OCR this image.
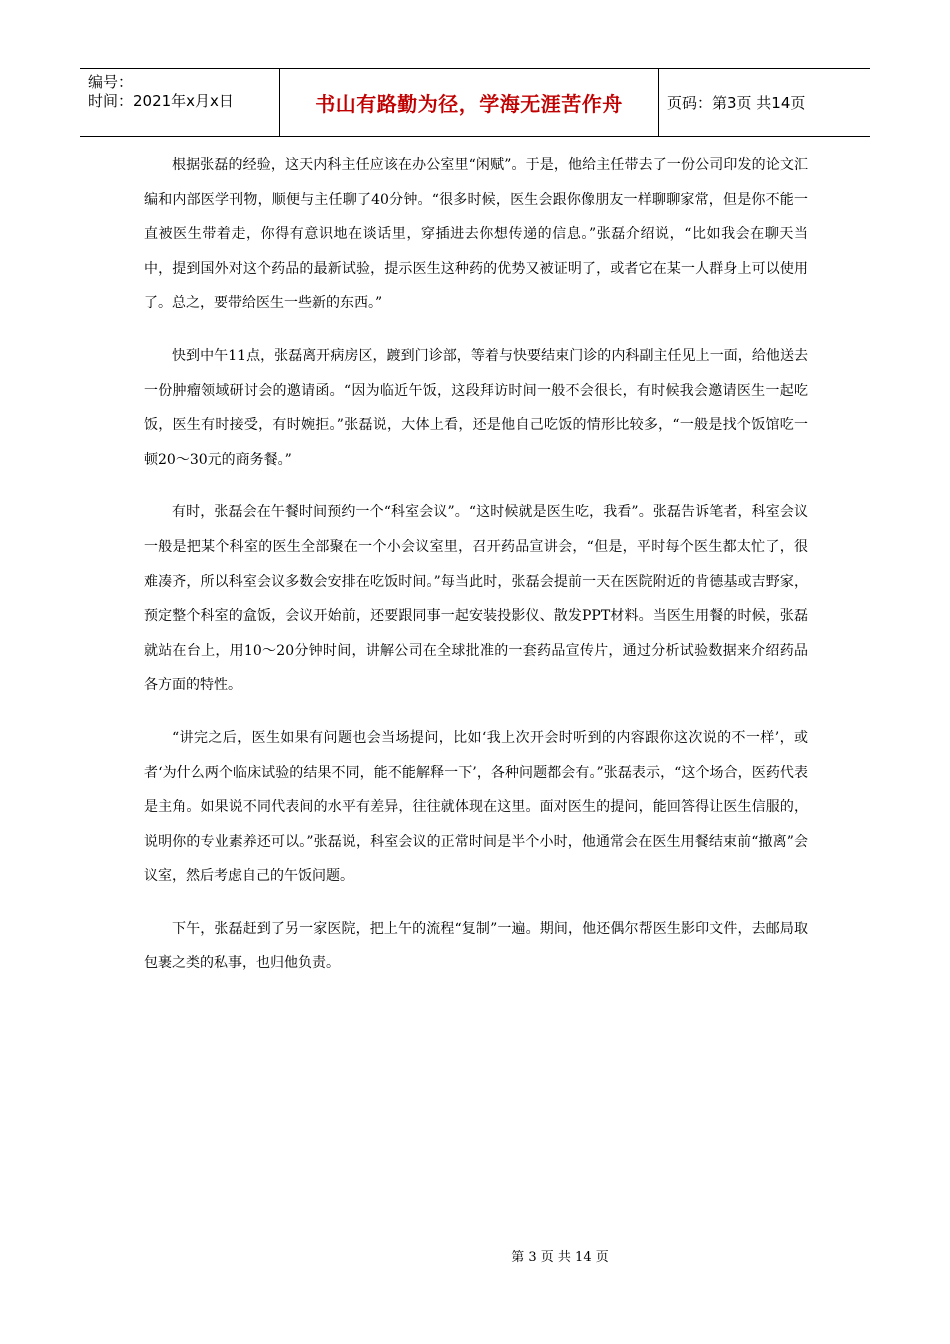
编号：
时间：2021年x月x日	书山有路勤为径，学海无涯苦作舟	页码：第3页 共14页

根据张磊的经验，这天内科主任应该在办公室里“闲赋”。于是，他给主任带去了一份公司印发的论文汇编和内部医学刊物，顺便与主任聊了40分钟。“很多时候，医生会跟你像朋友一样聊聊家常，但是你不能一直被医生带着走，你得有意识地在谈话里，穿插进去你想传递的信息。”张磊介绍说，“比如我会在聊天当中，提到国外对这个药品的最新试验，提示医生这种药的优势又被证明了，或者它在某一人群身上可以使用了。总之，要带给医生一些新的东西。”

快到中午11点，张磊离开病房区，踱到门诊部，等着与快要结束门诊的内科副主任见上一面，给他送去一份肿瘤领域研讨会的邀请函。“因为临近午饭，这段拜访时间一般不会很长，有时候我会邀请医生一起吃饭，医生有时接受，有时婉拒。”张磊说，大体上看，还是他自己吃饭的情形比较多，“一般是找个饭馆吃一顿20～30元的商务餐。”

有时，张磊会在午餐时间预约一个“科室会议”。“这时候就是医生吃，我看”。张磊告诉笔者，科室会议一般是把某个科室的医生全部聚在一个小会议室里，召开药品宣讲会，“但是，平时每个医生都太忙了，很难凑齐，所以科室会议多数会安排在吃饭时间。”每当此时，张磊会提前一天在医院附近的肯德基或吉野家，预定整个科室的盒饭，会议开始前，还要跟同事一起安装投影仪、散发PPT材料。当医生用餐的时候，张磊就站在台上，用10～20分钟时间，讲解公司在全球批准的一套药品宣传片，通过分析试验数据来介绍药品各方面的特性。

“讲完之后，医生如果有问题也会当场提问，比如‘我上次开会时听到的内容跟你这次说的不一样’，或者‘为什么两个临床试验的结果不同，能不能解释一下’，各种问题都会有。”张磊表示，“这个场合，医药代表是主角。如果说不同代表间的水平有差异，往往就体现在这里。面对医生的提问，能回答得让医生信服的，说明你的专业素养还可以。”张磊说，科室会议的正常时间是半个小时，他通常会在医生用餐结束前“撤离”会议室，然后考虑自己的午饭问题。

下午，张磊赶到了另一家医院，把上午的流程“复制”一遍。期间，他还偶尔帮医生影印文件，去邮局取包裹之类的私事，也归他负责。

第 3 页 共 14 页
